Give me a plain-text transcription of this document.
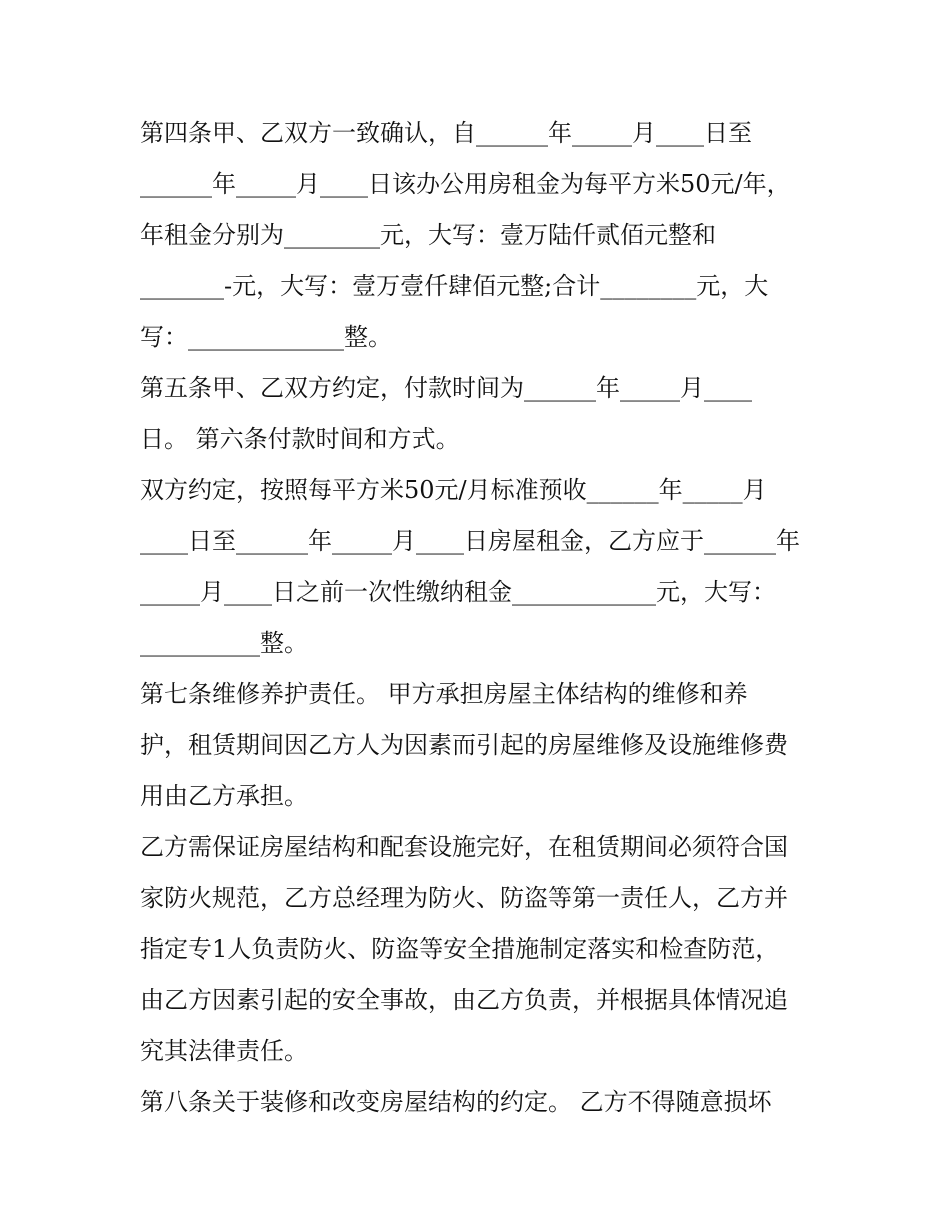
第四条甲、乙双方一致确认，自______年_____月____日至
______年_____月____日该办公用房租金为每平方米50元/年，
年租金分别为________元，大写：壹万陆仟贰佰元整和
_______-元，大写：壹万壹仟肆佰元整;合计________元，大
写：_____________整。
第五条甲、乙双方约定，付款时间为______年_____月____
日。 第六条付款时间和方式。
双方约定，按照每平方米50元/月标准预收______年_____月
____日至______年_____月____日房屋租金，乙方应于______年
_____月____日之前一次性缴纳租金____________元，大写：
__________整。
第七条维修养护责任。 甲方承担房屋主体结构的维修和养
护，租赁期间因乙方人为因素而引起的房屋维修及设施维修费
用由乙方承担。
乙方需保证房屋结构和配套设施完好，在租赁期间必须符合国
家防火规范，乙方总经理为防火、防盗等第一责任人，乙方并
指定专1人负责防火、防盗等安全措施制定落实和检查防范，
由乙方因素引起的安全事故，由乙方负责，并根据具体情况追
究其法律责任。
第八条关于装修和改变房屋结构的约定。 乙方不得随意损坏
